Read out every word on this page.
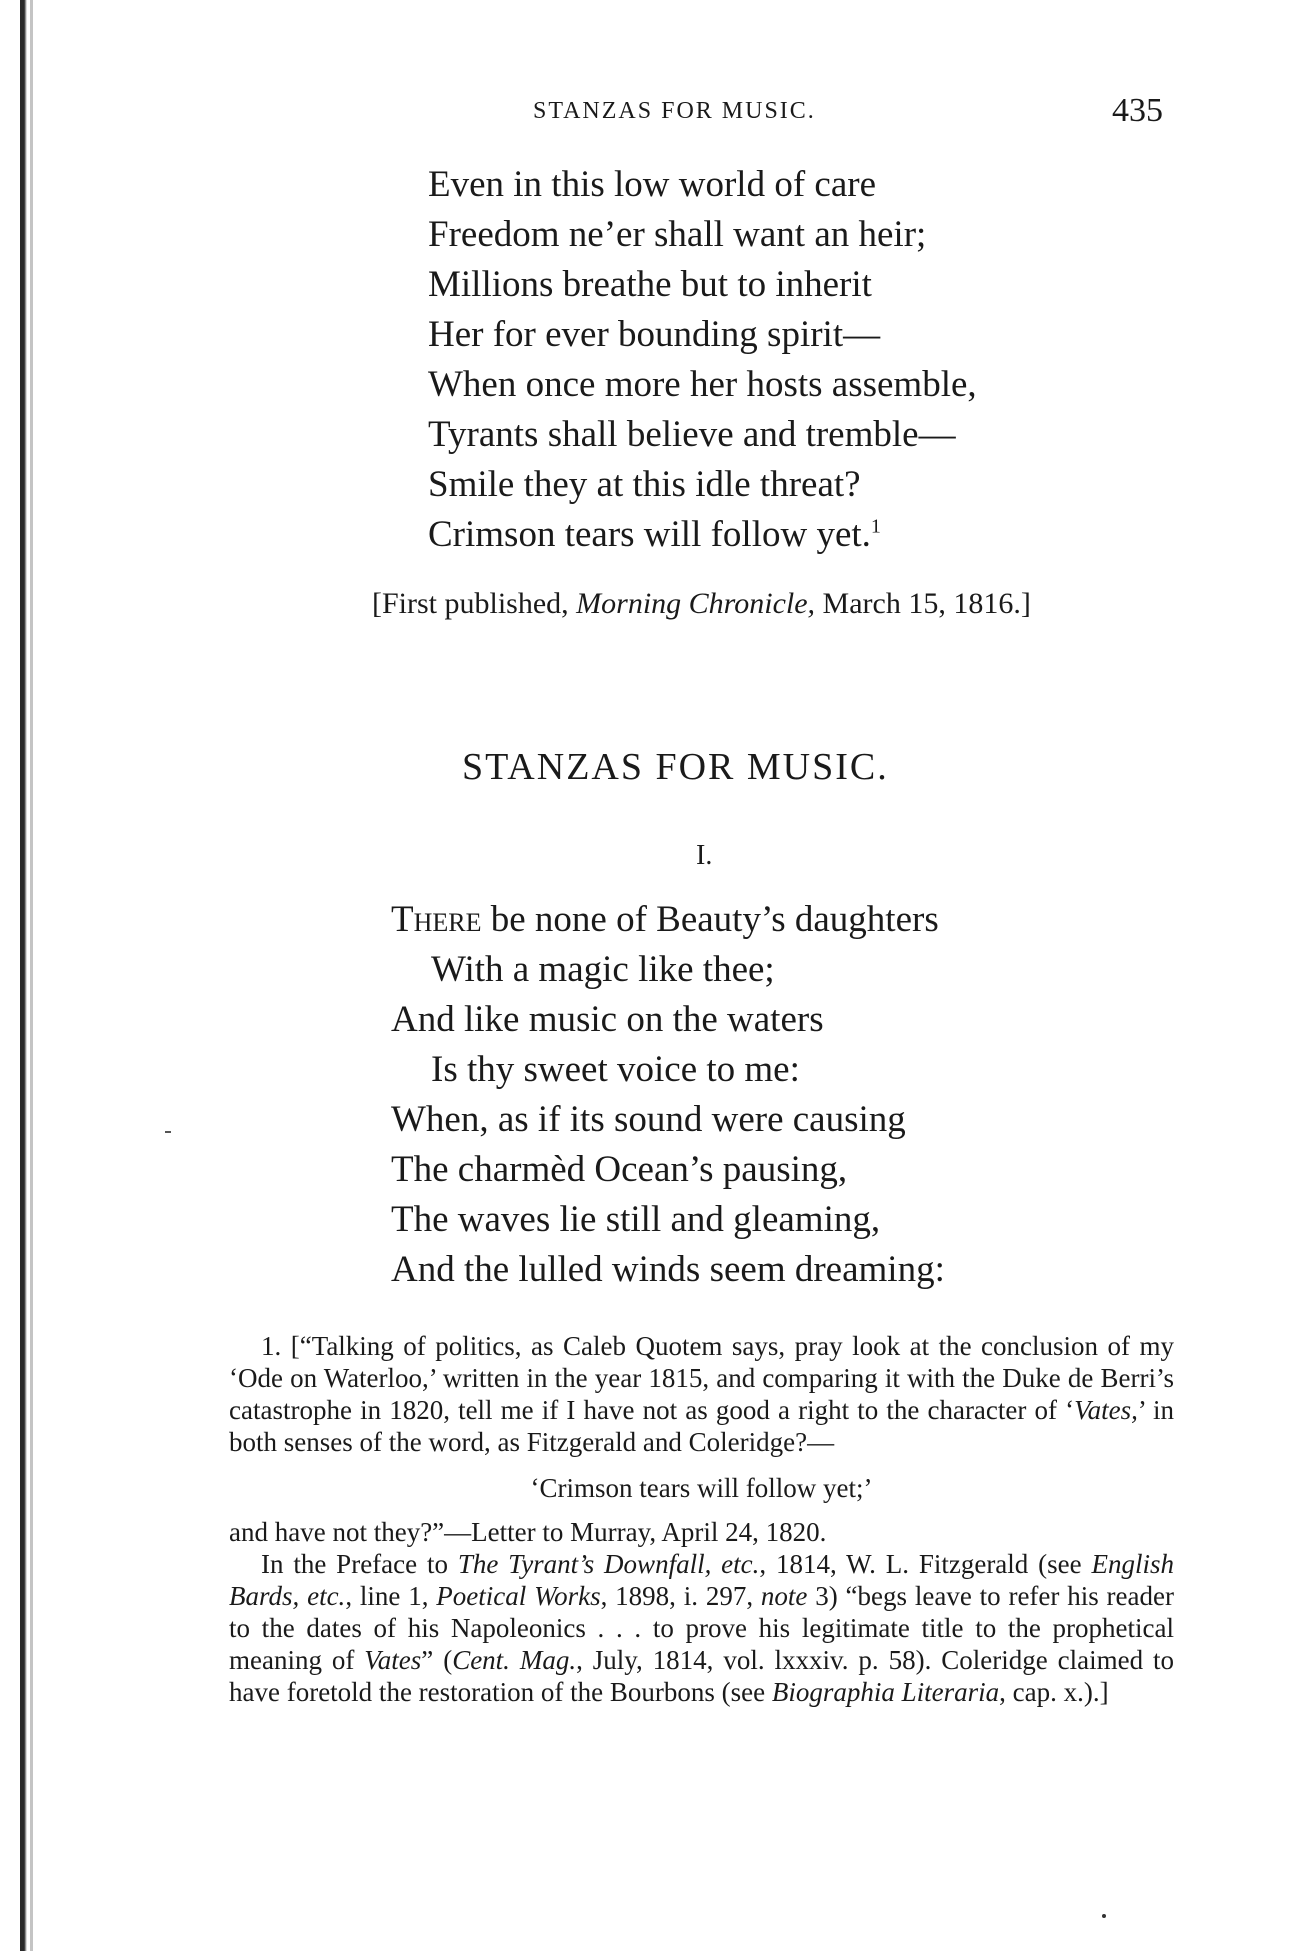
STANZAS FOR MUSIC.	435
Even in this low world of care
Freedom ne’er shall want an heir;
Millions breathe but to inherit
Her for ever bounding spirit—
When once more her hosts assemble,
Tyrants shall believe and tremble—
Smile they at this idle threat?
Crimson tears will follow yet.$^1$
[First published, Morning Chronicle, March 15, 1816.]
STANZAS FOR MUSIC.
I.
There be none of Beauty’s daughters
With a magic like thee;
And like music on the waters
Is thy sweet voice to me:
When, as if its sound were causing
The charmèd Ocean’s pausing,
The waves lie still and gleaming,
And the lulled winds seem dreaming:

1. [“Talking of politics, as Caleb Quotem says, pray look at the conclusion of my ‘Ode on Waterloo,’ written in the year 1815, and comparing it with the Duke de Berri’s catastrophe in 1820, tell me if I have not as good a right to the character of ‘Vates,’ in both senses of the word, as Fitzgerald and Coleridge?—

‘Crimson tears will follow yet;’

and have not they?”—Letter to Murray, April 24, 1820.

In the Preface to The Tyrant’s Downfall, etc., 1814, W. L. Fitzgerald (see English Bards, etc., line 1, Poetical Works, 1898, i. 297, note 3) “begs leave to refer his reader to the dates of his Napoleonics . . . to prove his legitimate title to the prophetical meaning of Vates” (Cent. Mag., July, 1814, vol. lxxxiv. p. 58). Coleridge claimed to have foretold the restoration of the Bourbons (see Biographia Literaria, cap. x.).]
